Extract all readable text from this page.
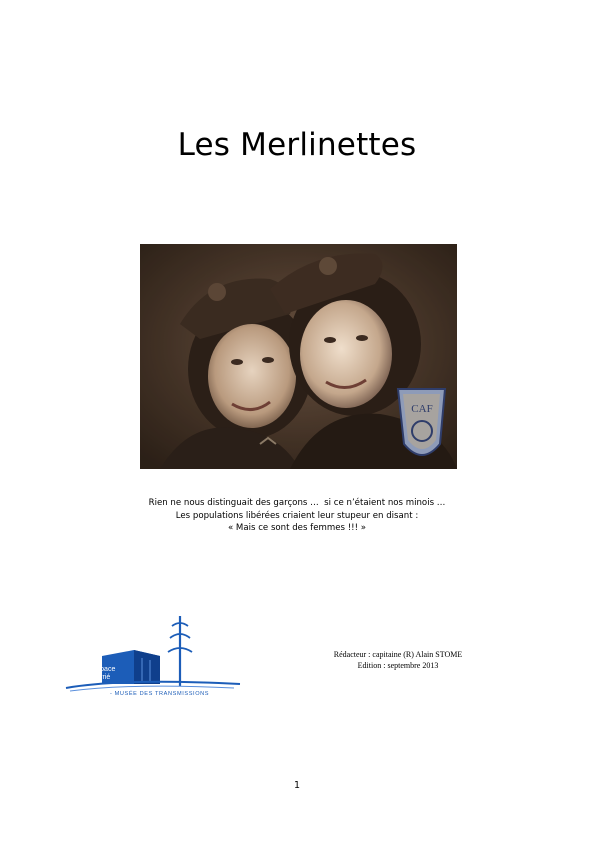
Les Merlinettes
CAF
Rien ne nous distinguait des garçons …  si ce n’étaient nos minois …
Les populations libérées criaient leur stupeur en disant :
« Mais ce sont des femmes !!! »
Espace
Ferrié
- MUSÉE DES TRANSMISSIONS
Rédacteur : capitaine (R) Alain STOME
Edition : septembre 2013
1
